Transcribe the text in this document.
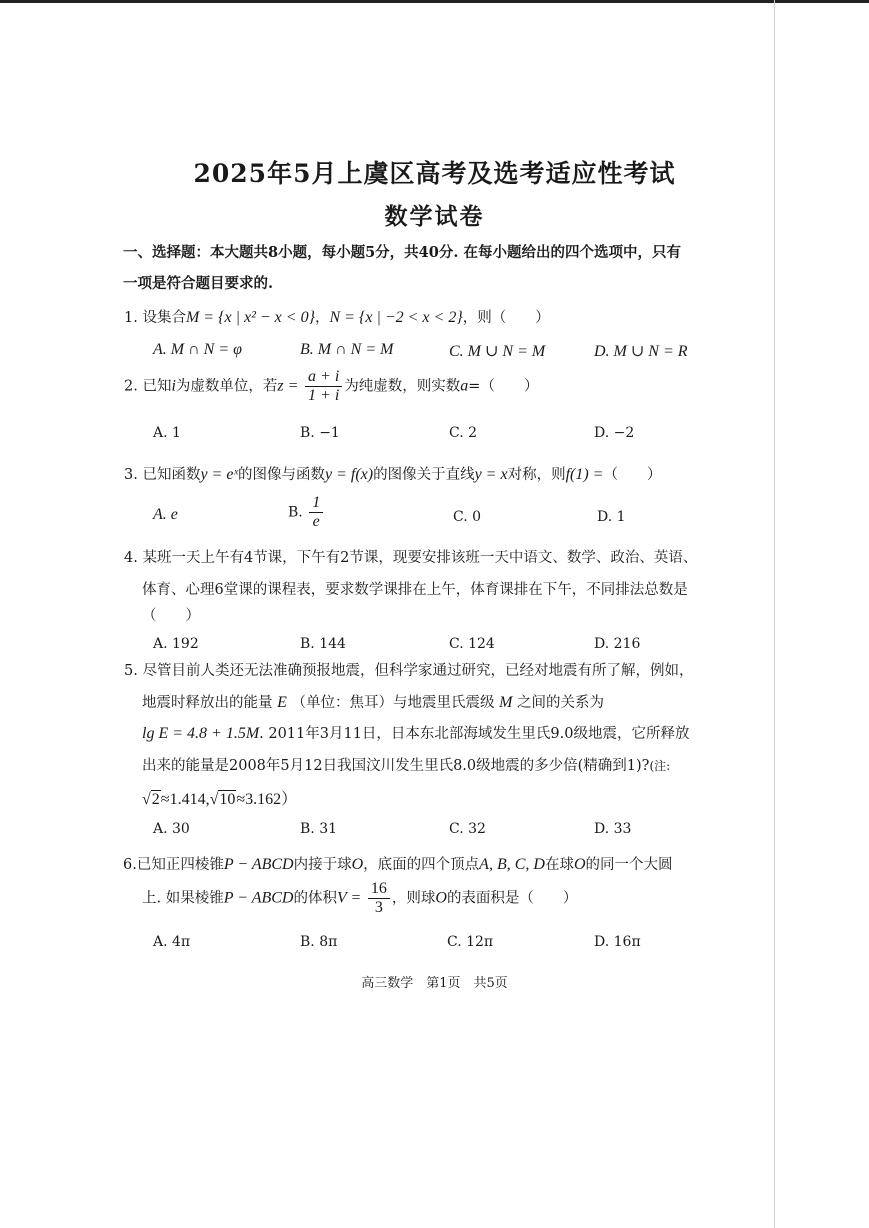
2025年5月上虞区高考及选考适应性考试
数学试卷
一、选择题：本大题共8小题，每小题5分，共40分. 在每小题给出的四个选项中，只有
一项是符合题目要求的.
1. 设集合M = {x | x² − x < 0}，N = {x | −2 < x < 2}，则（　　）
A. M ∩ N = φ	B. M ∩ N = M	C. M ∪ N = M	D. M ∪ N = R
2. 已知i为虚数单位，若$z = \frac{a + i}{1 + i}$ 为纯虚数，则实数a=（　　）
A. 1	B. −1	C. 2	D. −2
3. 已知函数y = eˣ的图像与函数y = f(x)的图像关于直线y = x对称，则f(1) =（　　）
A. e	B. $\frac{1}{e}$	C. 0	D. 1
4. 某班一天上午有4节课，下午有2节课，现要安排该班一天中语文、数学、政治、英语、
体育、心理6堂课的课程表，要求数学课排在上午，体育课排在下午，不同排法总数是
（　　）
A. 192	B. 144	C. 124	D. 216
5. 尽管目前人类还无法准确预报地震，但科学家通过研究，已经对地震有所了解，例如，
地震时释放出的能量 E （单位：焦耳）与地震里氏震级 M 之间的关系为
lg E = 4.8 + 1.5M. 2011年3月11日，日本东北部海域发生里氏9.0级地震，它所释放
出来的能量是2008年5月12日我国汶川发生里氏8.0级地震的多少倍(精确到1)?(注:
√2≈1.414,√10≈3.162）
A. 30	B. 31	C. 32	D. 33
6.已知正四棱锥P − ABCD内接于球O，底面的四个顶点A, B, C, D在球O的同一个大圆
上. 如果棱锥P − ABCD的体积$V = \frac{16}{3}$ ，则球O的表面积是（　　）
A. 4π	B. 8π	C. 12π	D. 16π
高三数学　第1页　共5页
